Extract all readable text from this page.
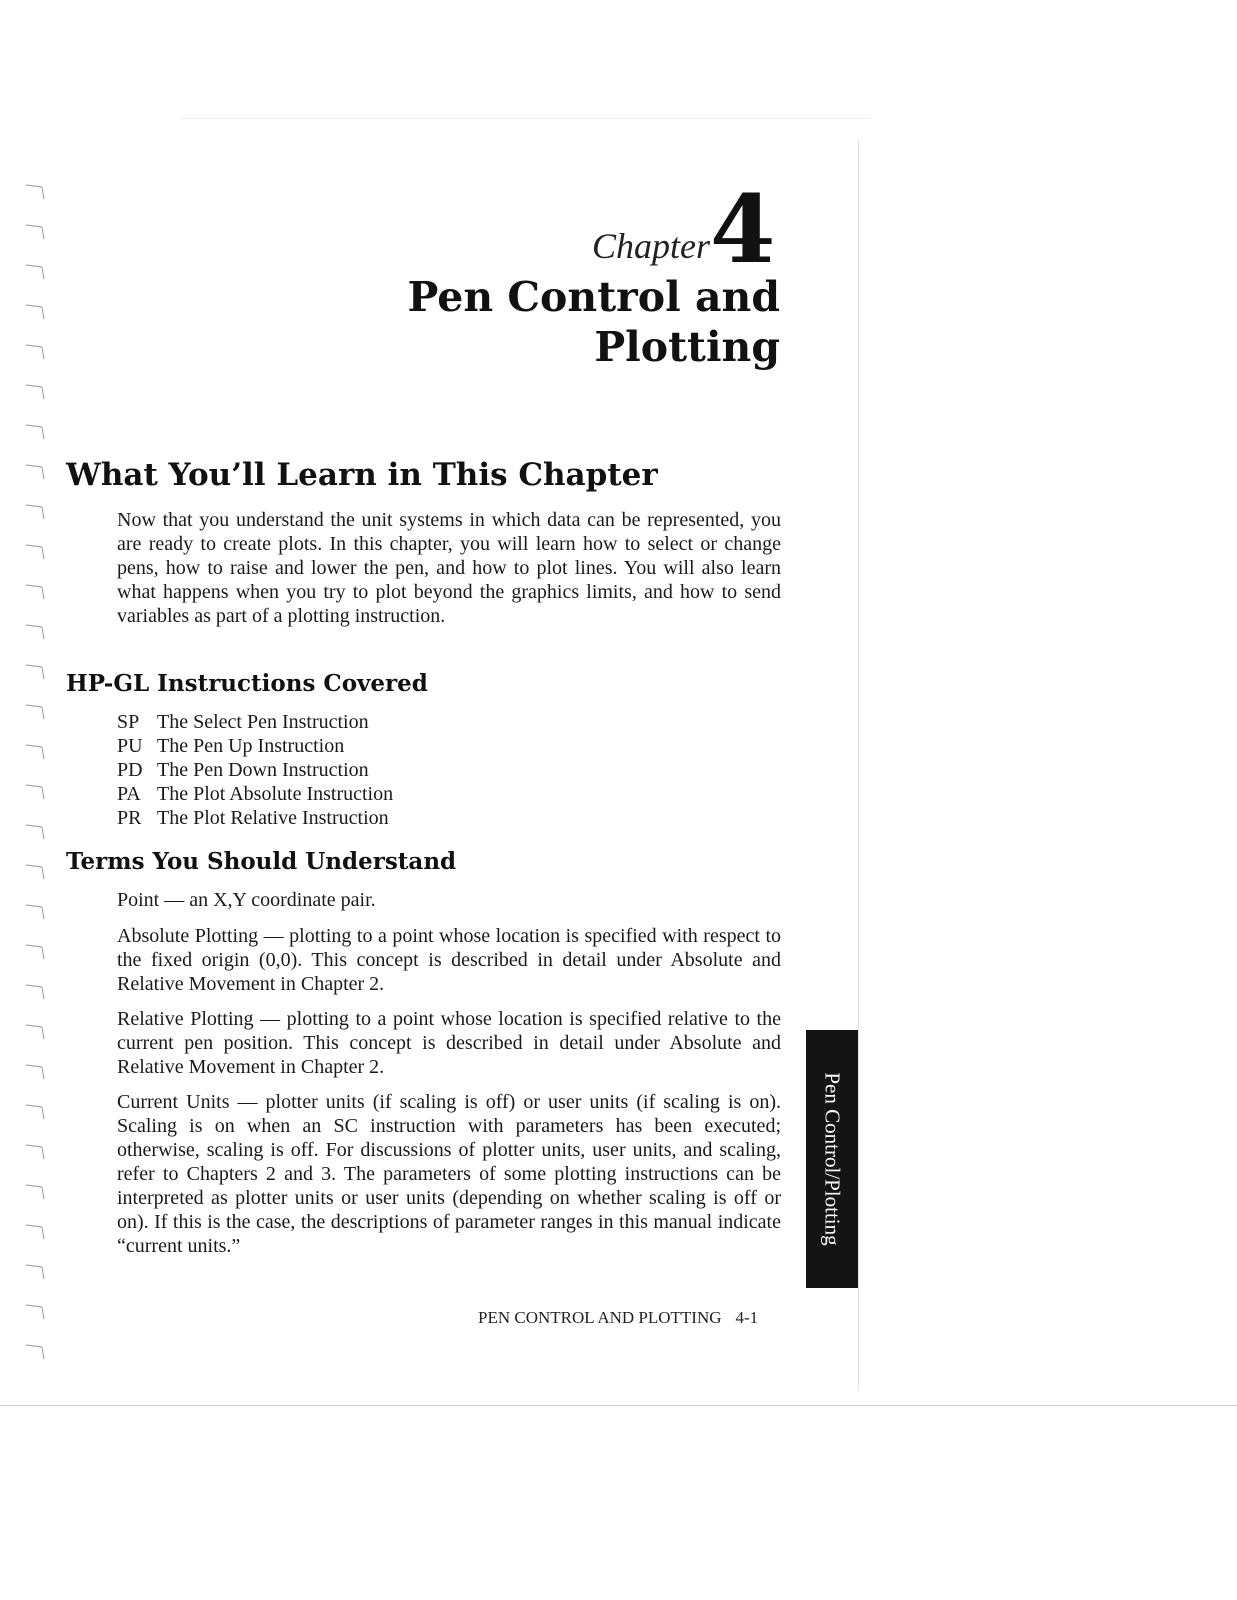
Chapter 4
Pen Control and
Plotting
What You’ll Learn in This Chapter
Now that you understand the unit systems in which data can be represented, you are ready to create plots. In this chapter, you will learn how to select or change pens, how to raise and lower the pen, and how to plot lines. You will also learn what happens when you try to plot beyond the graphics limits, and how to send variables as part of a plotting instruction.
HP-GL Instructions Covered
SP The Select Pen Instruction
PU The Pen Up Instruction
PD The Pen Down Instruction
PA The Plot Absolute Instruction
PR The Plot Relative Instruction
Terms You Should Understand
Point — an X,Y coordinate pair.
Absolute Plotting — plotting to a point whose location is specified with respect to the fixed origin (0,0). This concept is described in detail under Absolute and Relative Movement in Chapter 2.
Relative Plotting — plotting to a point whose location is specified relative to the current pen position. This concept is described in detail under Absolute and Relative Movement in Chapter 2.
Current Units — plotter units (if scaling is off) or user units (if scaling is on). Scaling is on when an SC instruction with parameters has been executed; otherwise, scaling is off. For discussions of plotter units, user units, and scaling, refer to Chapters 2 and 3. The parameters of some plotting instructions can be interpreted as plotter units or user units (depending on whether scaling is off or on). If this is the case, the descriptions of parameter ranges in this manual indicate “current units.”
PEN CONTROL AND PLOTTING 4-1
Pen Control/Plotting
